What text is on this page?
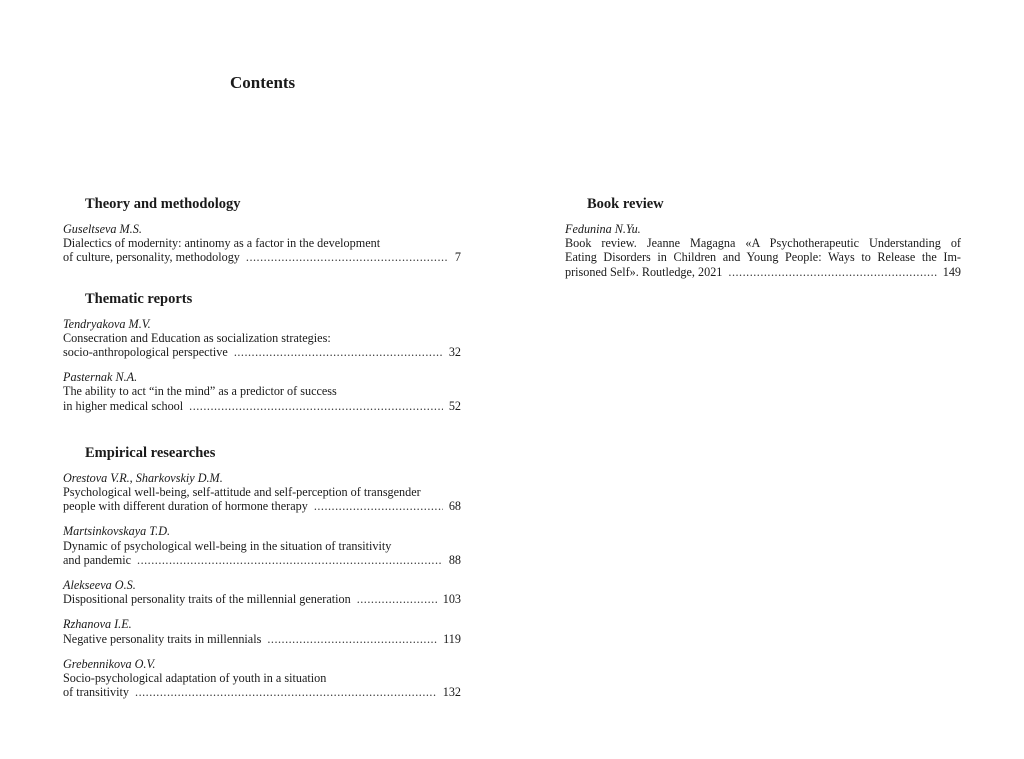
Contents
Theory and methodology
Guseltseva M.S.
Dialectics of modernity: antinomy as a factor in the development
of culture, personality, methodology .....	7
Thematic reports
Tendryakova M.V.
Consecration and Education as socialization strategies:
socio-anthropological perspective .....	32
Pasternak N.A.
The ability to act “in the mind” as a predictor of success
in higher medical school .....	52
Empirical researches
Orestova V.R., Sharkovskiy D.M.
Psychological well-being, self-attitude and self-perception of transgender
people with different duration of hormone therapy .....	68
Martsinkovskaya T.D.
Dynamic of psychological well-being in the situation of transitivity
and pandemic .....	88
Alekseeva O.S.
Dispositional personality traits of the millennial generation .....	103
Rzhanova I.E.
Negative personality traits in millennials .....	119
Grebennikova O.V.
Socio-psychological adaptation of youth in a situation
of transitivity .....	132
Book review
Fedunina N.Yu.
Book review. Jeanne Magagna «A Psychotherapeutic Understanding of
Eating Disorders in Children and Young People: Ways to Release the Im-
prisoned Self». Routledge, 2021 .....	149
